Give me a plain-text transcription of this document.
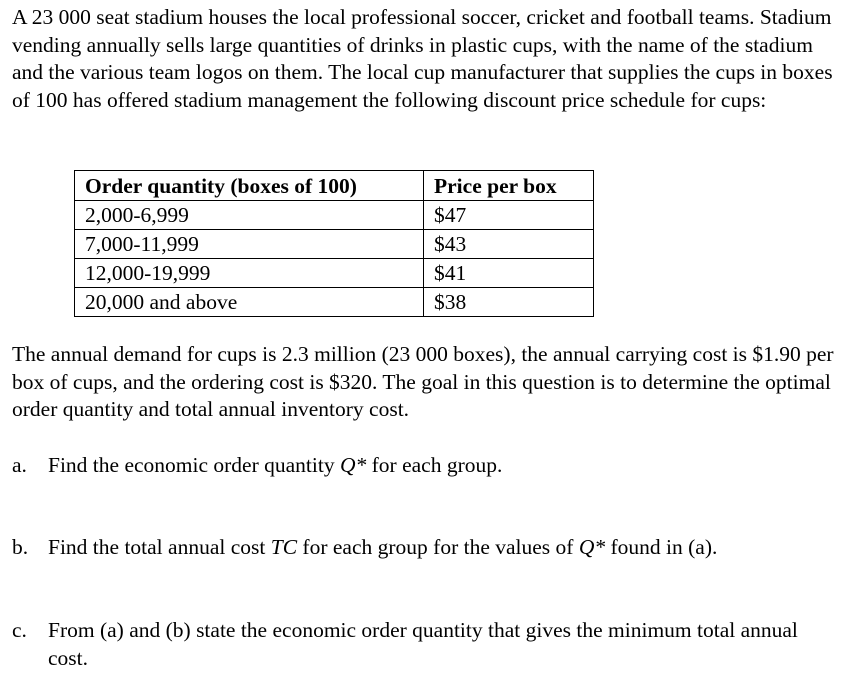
A 23 000 seat stadium houses the local professional soccer, cricket and football teams. Stadium vending annually sells large quantities of drinks in plastic cups, with the name of the stadium and the various team logos on them. The local cup manufacturer that supplies the cups in boxes of 100 has offered stadium management the following discount price schedule for cups:

Order quantity (boxes of 100)	Price per box
2,000-6,999	$47
7,000-11,999	$43
12,000-19,999	$41
20,000 and above	$38

The annual demand for cups is 2.3 million (23 000 boxes), the annual carrying cost is $1.90 per box of cups, and the ordering cost is $320. The goal in this question is to determine the optimal order quantity and total annual inventory cost.

a. Find the economic order quantity Q* for each group.
b. Find the total annual cost TC for each group for the values of Q* found in (a).
c. From (a) and (b) state the economic order quantity that gives the minimum total annual cost.
